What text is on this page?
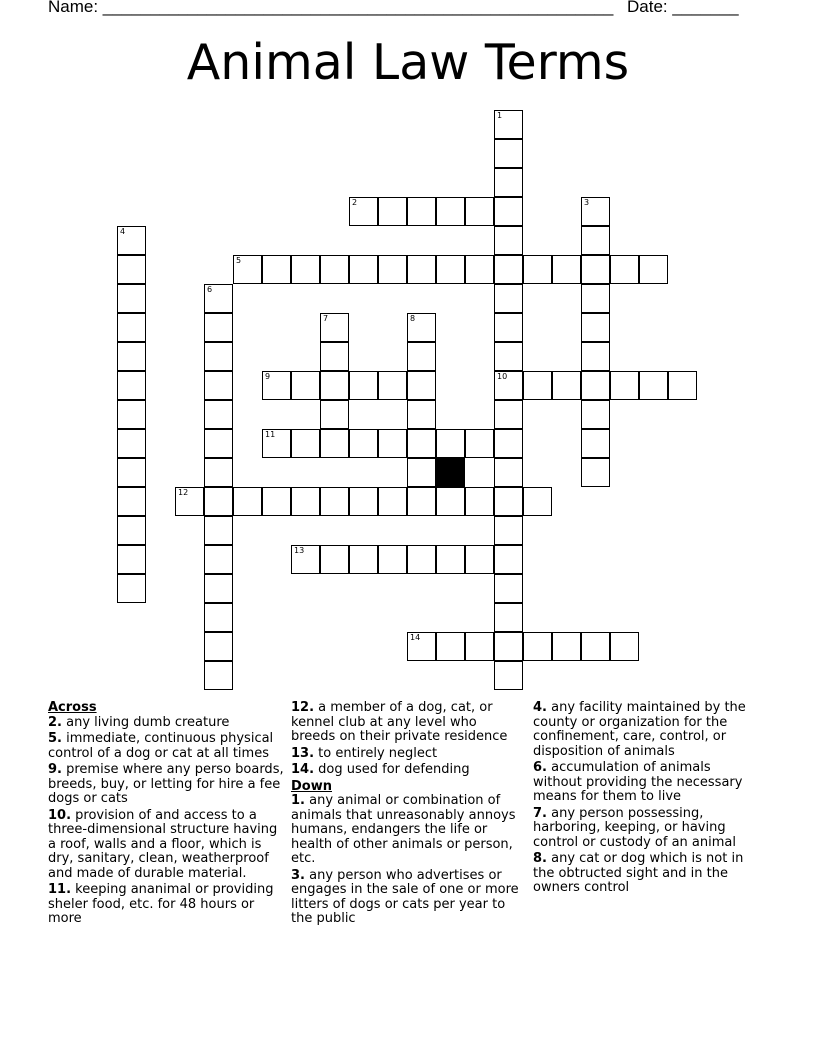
Name: ______________________________________________________ Date: _______
Animal Law Terms
1
10
2	3
4
5
6
7	8
9
11
12
13
14
Across
2. any living dumb creature
5. immediate, continuous physical control of a dog or cat at all times
9. premise where any perso boards, breeds, buy, or letting for hire a fee dogs or cats
10. provision of and access to a three-dimensional structure having a roof, walls and a floor, which is dry, sanitary, clean, weatherproof and made of durable material.
11. keeping ananimal or providing sheler food, etc. for 48 hours or more
12. a member of a dog, cat, or kennel club at any level who breeds on their private residence
13. to entirely neglect
14. dog used for defending
Down
1. any animal or combination of animals that unreasonably annoys humans, endangers the life or health of other animals or person, etc.
3. any person who advertises or engages in the sale of one or more litters of dogs or cats per year to the public
4. any facility maintained by the county or organization for the confinement, care, control, or disposition of animals
6. accumulation of animals without providing the necessary means for them to live
7. any person possessing, harboring, keeping, or having control or custody of an animal
8. any cat or dog which is not in the obtructed sight and in the owners control
